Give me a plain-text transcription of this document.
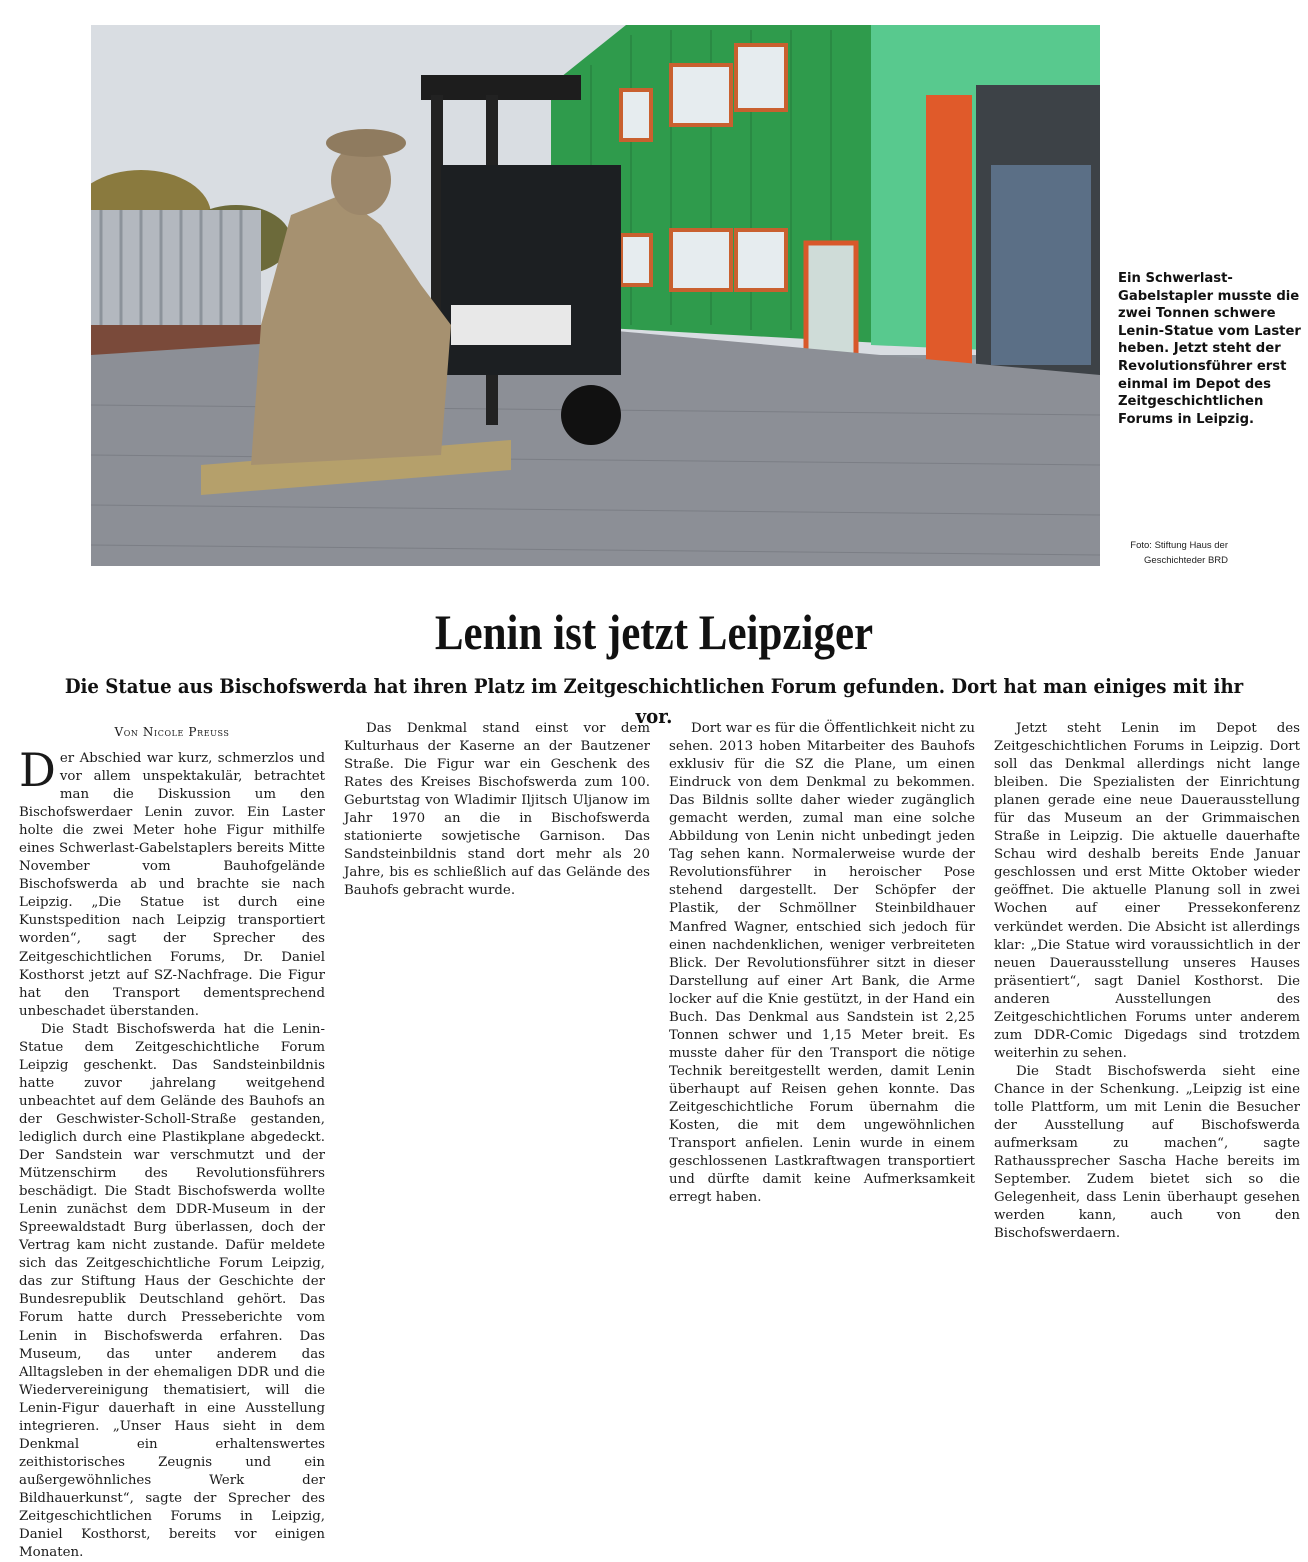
Ein Schwerlast-Gabelstapler musste die zwei Tonnen schwere Lenin-Statue vom Laster heben. Jetzt steht der Revolutionsführer erst einmal im Depot des Zeitgeschichtlichen Forums in Leipzig.
Foto: Stiftung Haus der Geschichteder BRD
Lenin ist jetzt Leipziger
Die Statue aus Bischofswerda hat ihren Platz im Zeitgeschichtlichen Forum gefunden. Dort hat man einiges mit ihr vor.
Von Nicole Preuss

Der Abschied war kurz, schmerzlos und vor allem unspektakulär, betrachtet man die Diskussion um den Bischofswerdaer Lenin zuvor. Ein Laster holte die zwei Meter hohe Figur mithilfe eines Schwerlast-Gabelstaplers bereits Mitte November vom Bauhofgelände Bischofswerda ab und brachte sie nach Leipzig. „Die Statue ist durch eine Kunstspedition nach Leipzig transportiert worden“, sagt der Sprecher des Zeitgeschichtlichen Forums, Dr. Daniel Kosthorst jetzt auf SZ-Nachfrage. Die Figur hat den Transport dementsprechend unbeschadet überstanden.

Die Stadt Bischofswerda hat die Lenin-Statue dem Zeitgeschichtliche Forum Leipzig geschenkt. Das Sandsteinbildnis hatte zuvor jahrelang weitgehend unbeachtet auf dem Gelände des Bauhofs an der Geschwister-Scholl-Straße gestanden, lediglich durch eine Plastikplane abgedeckt. Der Sandstein war verschmutzt und der Mützenschirm des Revolutionsführers beschädigt. Die Stadt Bischofswerda wollte Lenin zunächst dem DDR-Museum in der Spreewaldstadt Burg überlassen, doch der Vertrag kam nicht zustande. Dafür meldete sich das Zeitgeschichtliche Forum Leipzig, das zur Stiftung Haus der Geschichte der Bundesrepublik Deutschland gehört. Das Forum hatte durch Presseberichte vom Lenin in Bischofswerda erfahren. Das Museum, das unter anderem das Alltagsleben in der ehemaligen DDR und die Wiedervereinigung thematisiert, will die Lenin-Figur dauerhaft in eine Ausstellung integrieren. „Unser Haus sieht in dem Denkmal ein erhaltenswertes zeithistorisches Zeugnis und ein außergewöhnliches Werk der Bildhauerkunst“, sagte der Sprecher des Zeitgeschichtlichen Forums in Leipzig, Daniel Kosthorst, bereits vor einigen Monaten.

Das Denkmal stand einst vor dem Kulturhaus der Kaserne an der Bautzener Straße. Die Figur war ein Geschenk des Rates des Kreises Bischofswerda zum 100. Geburtstag von Wladimir Iljitsch Uljanow im Jahr 1970 an die in Bischofswerda stationierte sowjetische Garnison. Das Sandsteinbildnis stand dort mehr als 20 Jahre, bis es schließlich auf das Gelände des Bauhofs gebracht wurde.

Dort war es für die Öffentlichkeit nicht zu sehen. 2013 hoben Mitarbeiter des Bauhofs exklusiv für die SZ die Plane, um einen Eindruck von dem Denkmal zu bekommen. Das Bildnis sollte daher wieder zugänglich gemacht werden, zumal man eine solche Abbildung von Lenin nicht unbedingt jeden Tag sehen kann. Normalerweise wurde der Revolutionsführer in heroischer Pose stehend dargestellt. Der Schöpfer der Plastik, der Schmöllner Steinbildhauer Manfred Wagner, entschied sich jedoch für einen nachdenklichen, weniger verbreiteten Blick. Der Revolutionsführer sitzt in dieser Darstellung auf einer Art Bank, die Arme locker auf die Knie gestützt, in der Hand ein Buch. Das Denkmal aus Sandstein ist 2,25 Tonnen schwer und 1,15 Meter breit. Es musste daher für den Transport die nötige Technik bereitgestellt werden, damit Lenin überhaupt auf Reisen gehen konnte. Das Zeitgeschichtliche Forum übernahm die Kosten, die mit dem ungewöhnlichen Transport anfielen. Lenin wurde in einem geschlossenen Lastkraftwagen transportiert und dürfte damit keine Aufmerksamkeit erregt haben.

Jetzt steht Lenin im Depot des Zeitgeschichtlichen Forums in Leipzig. Dort soll das Denkmal allerdings nicht lange bleiben. Die Spezialisten der Einrichtung planen gerade eine neue Dauerausstellung für das Museum an der Grimmaischen Straße in Leipzig. Die aktuelle dauerhafte Schau wird deshalb bereits Ende Januar geschlossen und erst Mitte Oktober wieder geöffnet. Die aktuelle Planung soll in zwei Wochen auf einer Pressekonferenz verkündet werden. Die Absicht ist allerdings klar: „Die Statue wird voraussichtlich in der neuen Dauerausstellung unseres Hauses präsentiert“, sagt Daniel Kosthorst. Die anderen Ausstellungen des Zeitgeschichtlichen Forums unter anderem zum DDR-Comic Digedags sind trotzdem weiterhin zu sehen.

Die Stadt Bischofswerda sieht eine Chance in der Schenkung. „Leipzig ist eine tolle Plattform, um mit Lenin die Besucher der Ausstellung auf Bischofswerda aufmerksam zu machen“, sagte Rathaussprecher Sascha Hache bereits im September. Zudem bietet sich so die Gelegenheit, dass Lenin überhaupt gesehen werden kann, auch von den Bischofswerdaern.
